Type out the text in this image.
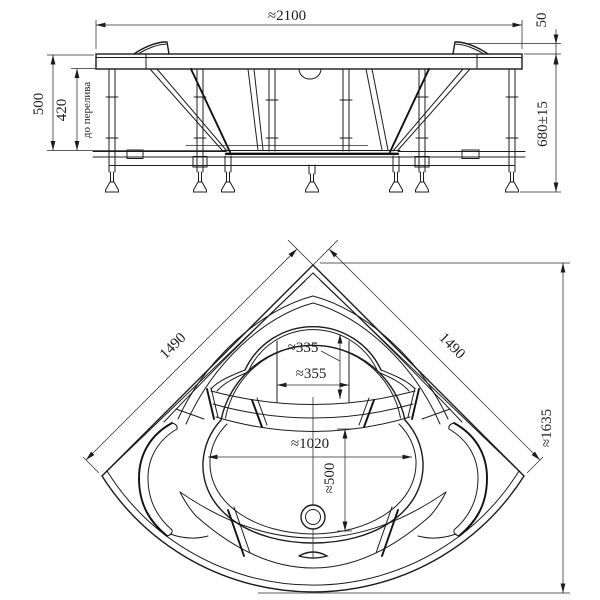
≈2100	50
680±15
500 420 до перелива
1490	1490
≈1635
≈335
≈355
≈1020
≈500
